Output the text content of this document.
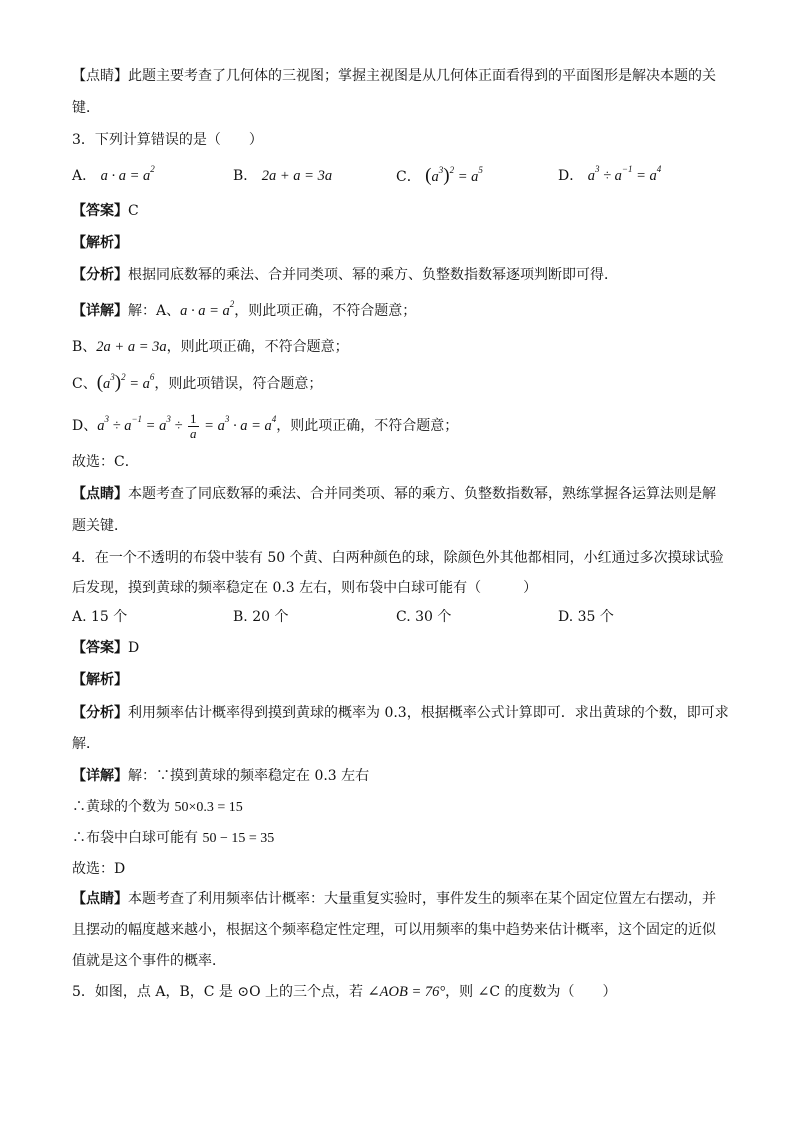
【点睛】此题主要考查了几何体的三视图；掌握主视图是从几何体正面看得到的平面图形是解决本题的关
键．
3．下列计算错误的是（　　）
A． $a \cdot a = a^2$	B． 2a + a = 3a	C． $(a^3)^2 = a^5$	D． $a^3 \div a^{-1} = a^4$
【答案】C
【解析】
【分析】根据同底数幂的乘法、合并同类项、幂的乘方、负整数指数幂逐项判断即可得．
【详解】解：A、$a \cdot a = a^2$，则此项正确，不符合题意；
B、2a + a = 3a，则此项正确，不符合题意；
C、$(a^3)^2 = a^6$，则此项错误，符合题意；
D、$a^3 \div a^{-1} = a^3 \div \frac{1}{a} = a^3 \cdot a = a^4$，则此项正确，不符合题意；
故选：C．
【点睛】本题考查了同底数幂的乘法、合并同类项、幂的乘方、负整数指数幂，熟练掌握各运算法则是解
题关键．
4．在一个不透明的布袋中装有 50 个黄、白两种颜色的球，除颜色外其他都相同，小红通过多次摸球试验
后发现，摸到黄球的频率稳定在 0.3 左右，则布袋中白球可能有（　　　）
A. 15 个	B. 20 个	C. 30 个	D. 35 个
【答案】D
【解析】
【分析】利用频率估计概率得到摸到黄球的概率为 0.3，根据概率公式计算即可．求出黄球的个数，即可求
解．
【详解】解：∵摸到黄球的频率稳定在 0.3 左右
∴黄球的个数为 50×0.3 = 15
∴布袋中白球可能有 50 − 15 = 35
故选：D
【点睛】本题考查了利用频率估计概率：大量重复实验时，事件发生的频率在某个固定位置左右摆动，并
且摆动的幅度越来越小，根据这个频率稳定性定理，可以用频率的集中趋势来估计概率，这个固定的近似
值就是这个事件的概率．
5．如图，点 A，B，C 是 ⊙O 上的三个点，若 ∠AOB = 76°，则 ∠C 的度数为（　　）
